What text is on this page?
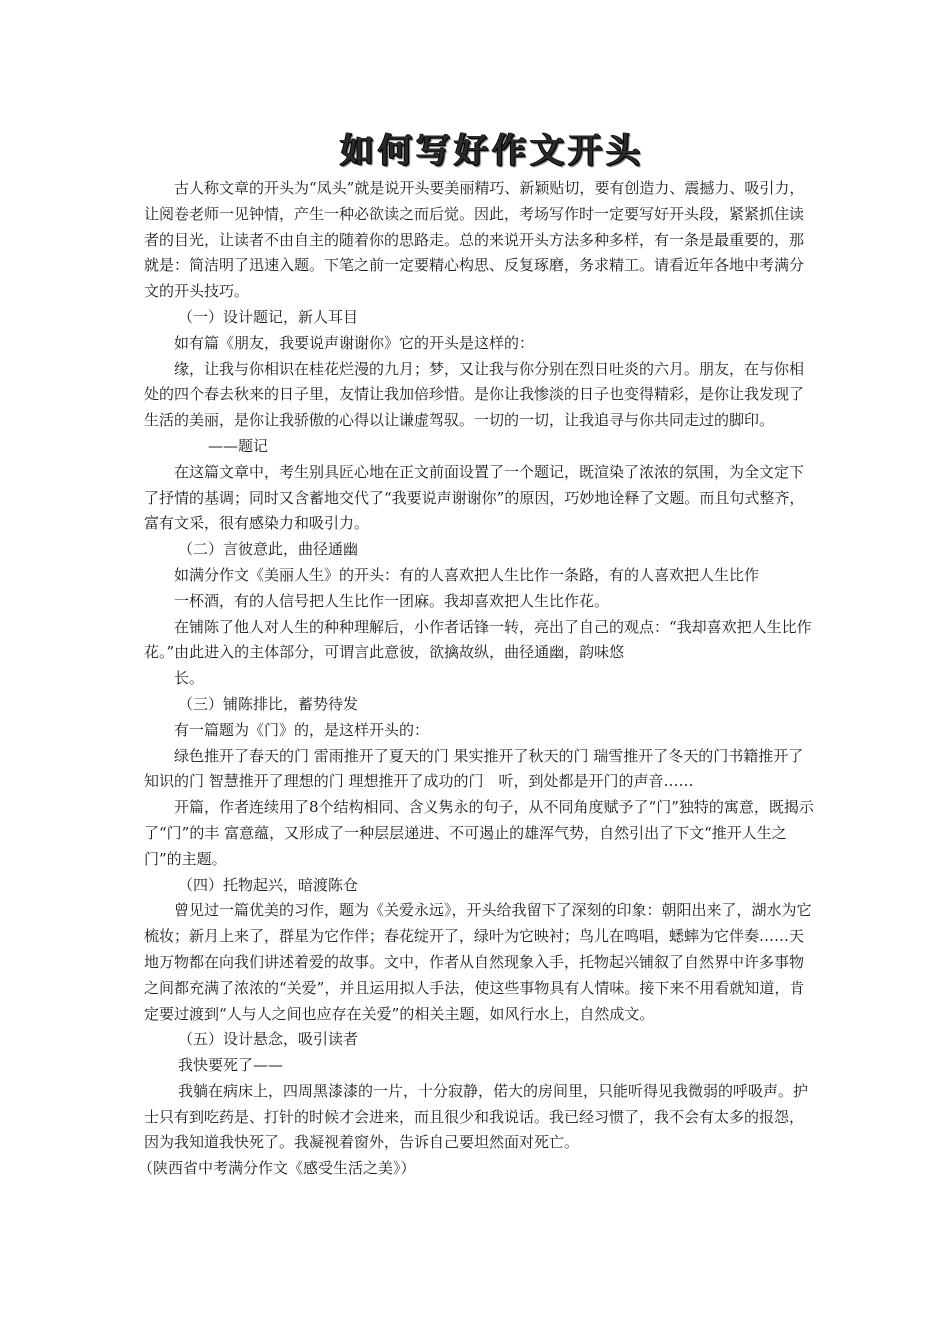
如何写好作文开头

古人称文章的开头为“凤头”就是说开头要美丽精巧、新颖贴切，要有创造力、震撼力、吸引力，让阅卷老师一见钟情，产生一种必欲读之而后觉。因此，考场写作时一定要写好开头段，紧紧抓住读者的目光，让读者不由自主的随着你的思路走。总的来说开头方法多种多样，有一条是最重要的，那就是：简洁明了迅速入题。下笔之前一定要精心构思、反复琢磨，务求精工。请看近年各地中考满分文的开头技巧。

（一）设计题记，新人耳目

如有篇《朋友，我要说声谢谢你》它的开头是这样的：

缘，让我与你相识在桂花烂漫的九月；梦，又让我与你分别在烈日吐炎的六月。朋友，在与你相处的四个春去秋来的日子里，友情让我加倍珍惜。是你让我惨淡的日子也变得精彩，是你让我发现了生活的美丽，是你让我骄傲的心得以让谦虚驾驭。一切的一切，让我追寻与你共同走过的脚印。——题记

在这篇文章中，考生别具匠心地在正文前面设置了一个题记，既渲染了浓浓的氛围，为全文定下了抒情的基调；同时又含蓄地交代了“我要说声谢谢你”的原因，巧妙地诠释了文题。而且句式整齐，富有文采，很有感染力和吸引力。

（二）言彼意此，曲径通幽

如满分作文《美丽人生》的开头：有的人喜欢把人生比作一条路，有的人喜欢把人生比作

一杯酒，有的人信号把人生比作一团麻。我却喜欢把人生比作花。

在铺陈了他人对人生的种种理解后，小作者话锋一转，亮出了自己的观点：“我却喜欢把人生比作花。”由此进入的主体部分，可谓言此意彼，欲擒故纵，曲径通幽，韵味悠

长。

（三）铺陈排比，蓄势待发

有一篇题为《门》的，是这样开头的：

绿色推开了春天的门 雷雨推开了夏天的门 果实推开了秋天的门 瑞雪推开了冬天的门书籍推开了知识的门 智慧推开了理想的门 理想推开了成功的门　听，到处都是开门的声音……

开篇，作者连续用了8个结构相同、含义隽永的句子，从不同角度赋予了“门”独特的寓意，既揭示了“门”的丰 富意蕴，又形成了一种层层递进、不可遏止的雄浑气势，自然引出了下文“推开人生之门”的主题。

（四）托物起兴，暗渡陈仓

曾见过一篇优美的习作，题为《关爱永远》，开头给我留下了深刻的印象：朝阳出来了，湖水为它梳妆；新月上来了，群星为它作伴；春花绽开了，绿叶为它映衬；鸟儿在鸣唱，蟋蟀为它伴奏……天地万物都在向我们讲述着爱的故事。文中，作者从自然现象入手，托物起兴铺叙了自然界中许多事物之间都充满了浓浓的“关爱”，并且运用拟人手法，使这些事物具有人情味。接下来不用看就知道，肯定要过渡到“人与人之间也应存在关爱”的相关主题，如风行水上，自然成文。

（五）设计悬念，吸引读者

我快要死了——

我躺在病床上，四周黑漆漆的一片，十分寂静，偌大的房间里，只能听得见我微弱的呼吸声。护士只有到吃药是、打针的时候才会进来，而且很少和我说话。我已经习惯了，我不会有太多的报怨，因为我知道我快死了。我凝视着窗外，告诉自己要坦然面对死亡。

（陕西省中考满分作文《感受生活之美》）
